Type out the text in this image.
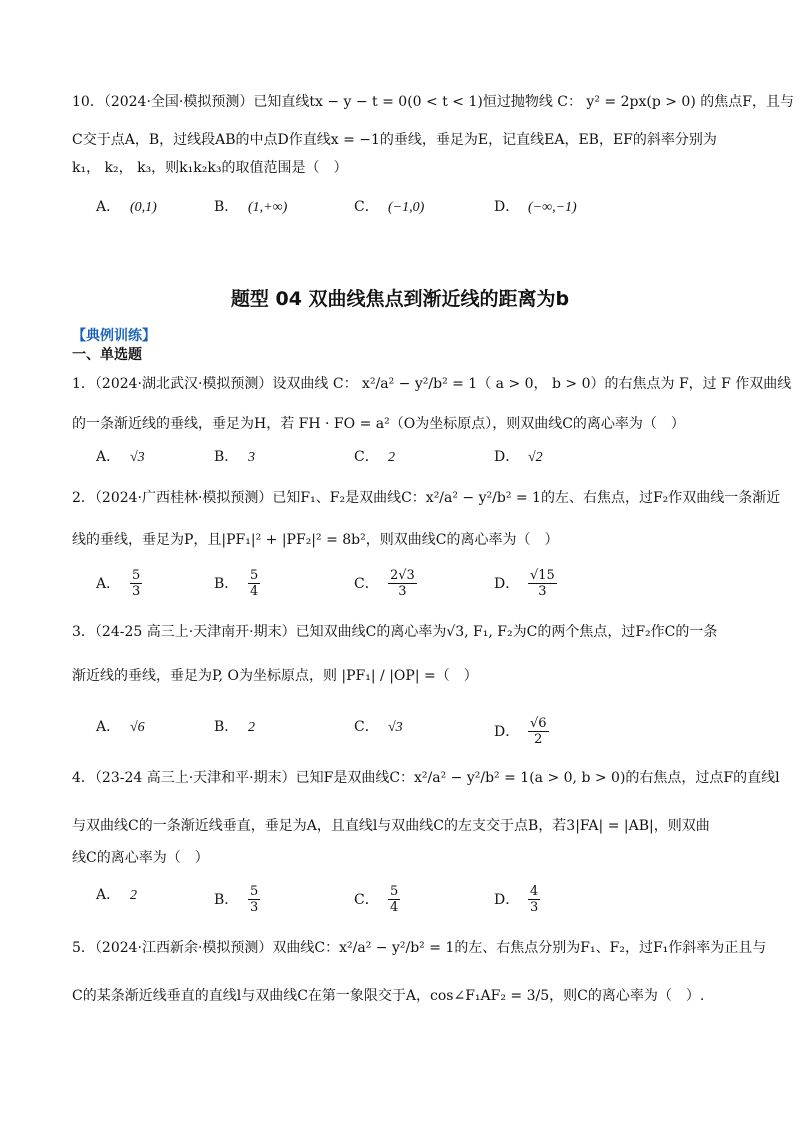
10．（2024·全国·模拟预测）已知直线tx − y − t = 0(0 < t < 1)恒过抛物线 C： y² = 2px(p > 0) 的焦点F，且与
C交于点A，B，过线段AB的中点D作直线x = −1的垂线，垂足为E，记直线EA，EB，EF的斜率分别为
k₁， k₂， k₃，则k₁k₂k₃的取值范围是（　）
A． (0,1)	B． (1,+∞)	C． (−1,0)	D． (−∞,−1)
题型 04 双曲线焦点到渐近线的距离为b
【典例训练】
一、单选题
1．（2024·湖北武汉·模拟预测）设双曲线 C： x²/a² − y²/b² = 1（ a > 0， b > 0）的右焦点为 F，过 F 作双曲线
的一条渐近线的垂线，垂足为H，若 FH · FO = a²（O为坐标原点），则双曲线C的离心率为（　）
A． √3	B． 3	C． 2	D． √2
2．（2024·广西桂林·模拟预测）已知F₁、F₂是双曲线C：x²/a² − y²/b² = 1的左、右焦点，过F₂作双曲线一条渐近
线的垂线，垂足为P，且|PF₁|² + |PF₂|² = 8b²，则双曲线C的离心率为（　）
A． $\frac{5}{3}$	B． $\frac{5}{4}$	C． $\frac{2√3}{3}$	D． $\frac{√15}{3}$
3．（24-25 高三上·天津南开·期末）已知双曲线C的离心率为√3, F₁, F₂为C的两个焦点，过F₂作C的一条
渐近线的垂线，垂足为P, O为坐标原点，则 |PF₁| / |OP| =（　）
A． √6	B． 2	C． √3	D． $\frac{√6}{2}$
4．（23-24 高三上·天津和平·期末）已知F是双曲线C：x²/a² − y²/b² = 1(a > 0, b > 0)的右焦点，过点F的直线l
与双曲线C的一条渐近线垂直，垂足为A，且直线l与双曲线C的左支交于点B，若3|FA| = |AB|，则双曲
线C的离心率为（　）
A． 2	B． $\frac{5}{3}$	C． $\frac{5}{4}$	D． $\frac{4}{3}$
5．（2024·江西新余·模拟预测）双曲线C：x²/a² − y²/b² = 1的左、右焦点分别为F₁、F₂，过F₁作斜率为正且与
C的某条渐近线垂直的直线l与双曲线C在第一象限交于A，cos∠F₁AF₂ = 3/5，则C的离心率为（　）.
